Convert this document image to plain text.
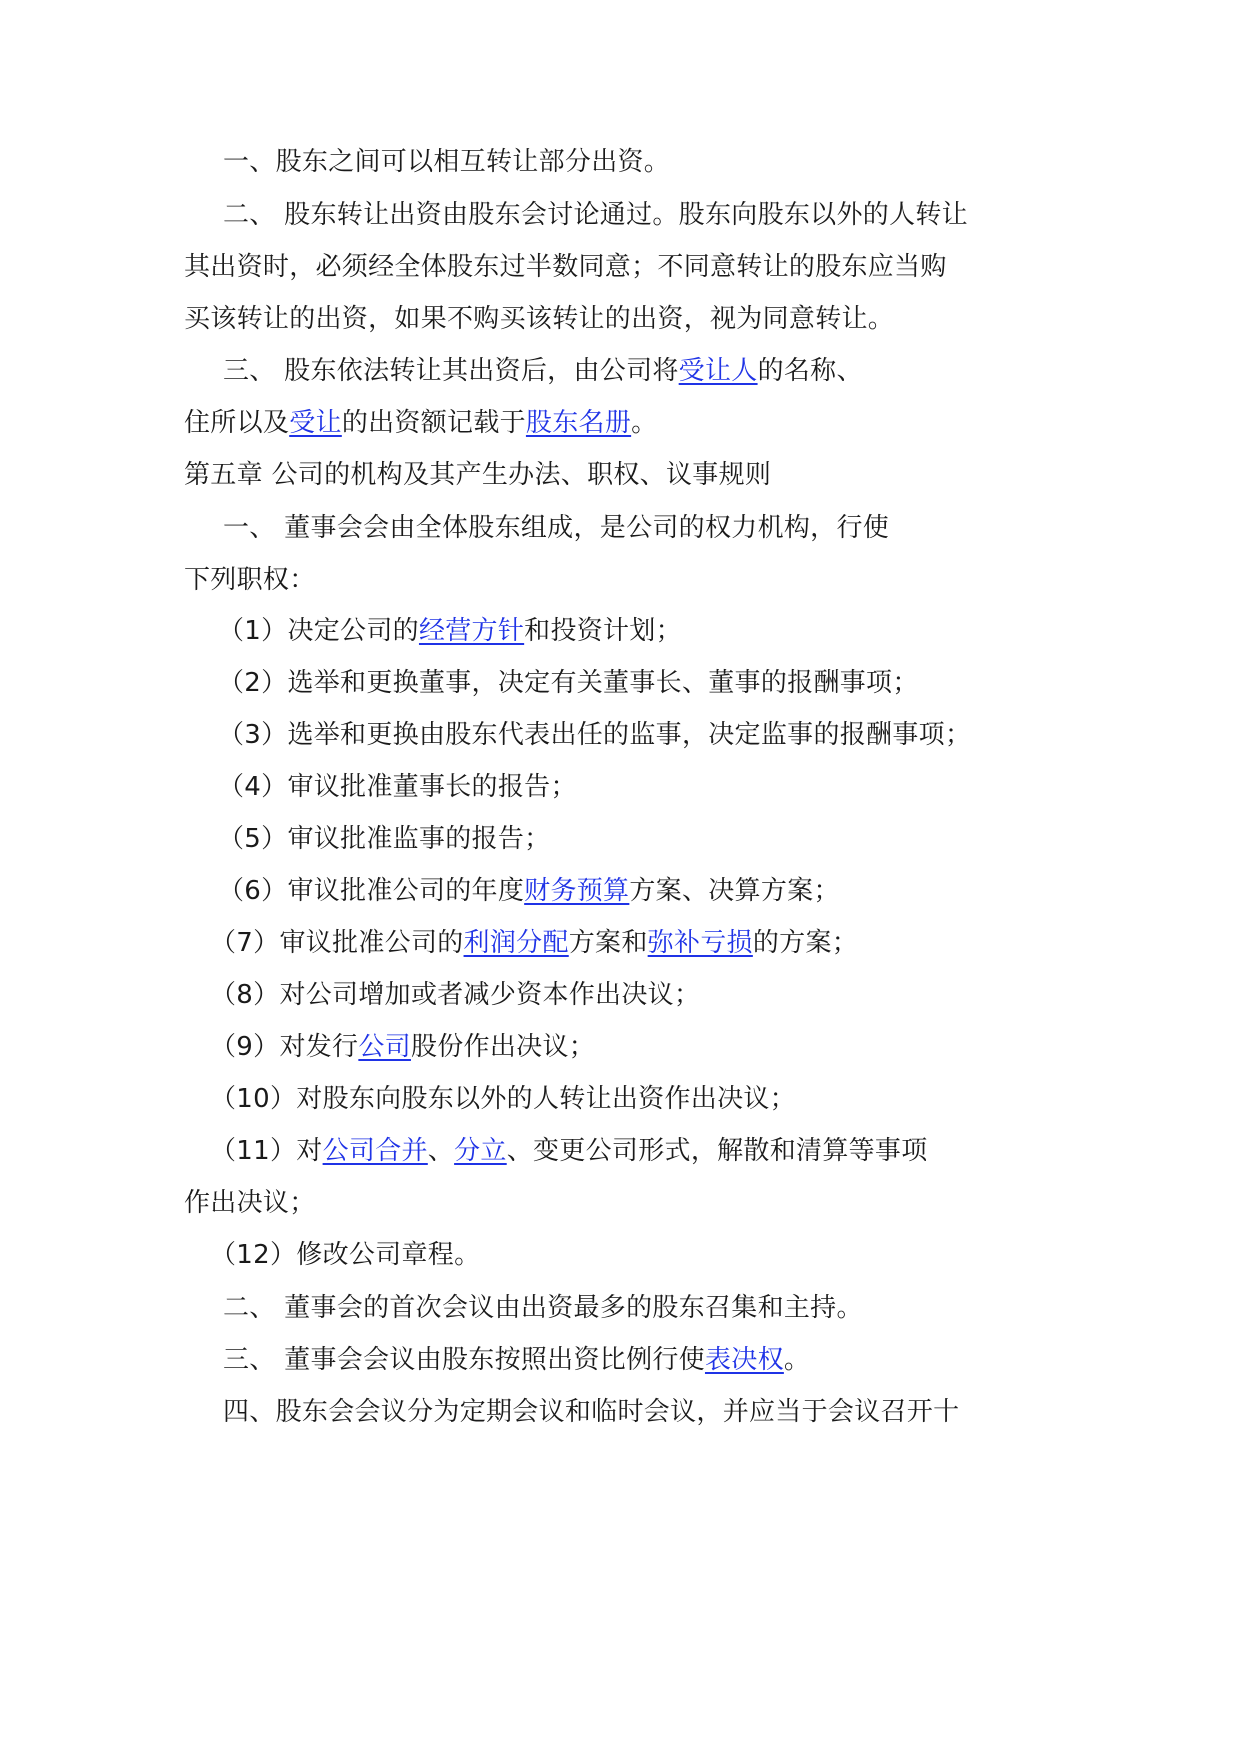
一、股东之间可以相互转让部分出资。
二、 股东转让出资由股东会讨论通过。股东向股东以外的人转让
其出资时，必须经全体股东过半数同意；不同意转让的股东应当购
买该转让的出资，如果不购买该转让的出资，视为同意转让。
三、 股东依法转让其出资后，由公司将受让人的名称、
住所以及受让的出资额记载于股东名册。
第五章 公司的机构及其产生办法、职权、议事规则
一、 董事会会由全体股东组成，是公司的权力机构，行使
下列职权：
（1）决定公司的经营方针和投资计划；
（2）选举和更换董事，决定有关董事长、董事的报酬事项；
（3）选举和更换由股东代表出任的监事，决定监事的报酬事项；
（4）审议批准董事长的报告；
（5）审议批准监事的报告；
（6）审议批准公司的年度财务预算方案、决算方案；
（7）审议批准公司的利润分配方案和弥补亏损的方案；
（8）对公司增加或者减少资本作出决议；
（9）对发行公司股份作出决议；
（10）对股东向股东以外的人转让出资作出决议；
（11）对公司合并、分立、变更公司形式，解散和清算等事项
作出决议；
（12）修改公司章程。
二、 董事会的首次会议由出资最多的股东召集和主持。
三、 董事会会议由股东按照出资比例行使表决权。
四、股东会会议分为定期会议和临时会议，并应当于会议召开十
